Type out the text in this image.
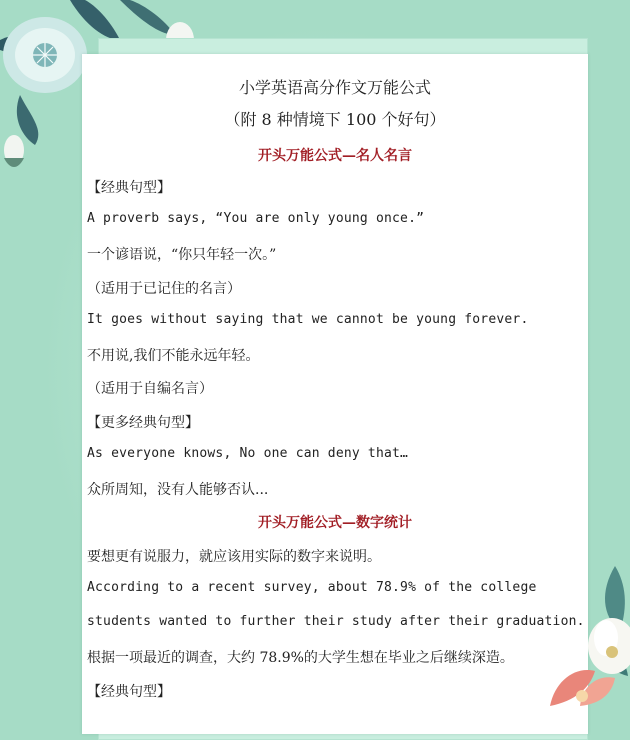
小学英语高分作文万能公式
（附 8 种情境下 100 个好句）
开头万能公式—名人名言
【经典句型】
A proverb says, “You are only young once.”
一个谚语说，“你只年轻一次。”
（适用于已记住的名言）
It goes without saying that we cannot be young forever.
不用说,我们不能永远年轻。
（适用于自编名言）
【更多经典句型】
As everyone knows, No one can deny that…
众所周知，没有人能够否认...
开头万能公式—数字统计
要想更有说服力，就应该用实际的数字来说明。
According to a recent survey, about 78.9% of the college
students wanted to further their study after their graduation.
根据一项最近的调查，大约 78.9%的大学生想在毕业之后继续深造。
【经典句型】
